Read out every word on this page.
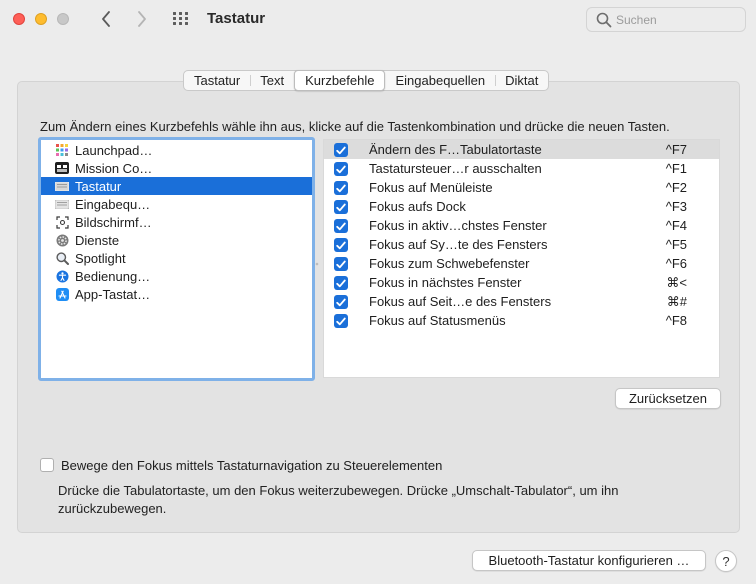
Tastatur
Suchen
Tastatur	Text	Kurzbefehle	Eingabequellen	Diktat
Zum Ändern eines Kurzbefehls wähle ihn aus, klicke auf die Tastenkombination und drücke die neuen Tasten.
Launchpad…
Mission Co…
Tastatur
Eingabequ…
Bildschirmf…
Dienste
Spotlight
Bedienung…
App-Tastat…
Ändern des F…Tabulatortaste	^F7
Tastatursteuer…r ausschalten	^F1
Fokus auf Menüleiste	^F2
Fokus aufs Dock	^F3
Fokus in aktiv…chstes Fenster	^F4
Fokus auf Sy…te des Fensters	^F5
Fokus zum Schwebefenster	^F6
Fokus in nächstes Fenster	⌘<
Fokus auf Seit…e des Fensters	⌘#
Fokus auf Statusmenüs	^F8
Zurücksetzen
Bewege den Fokus mittels Tastaturnavigation zu Steuerelementen
Drücke die Tabulatortaste, um den Fokus weiterzubewegen. Drücke „Umschalt-Tabulator“, um ihn zurückzubewegen.
Bluetooth-Tastatur konfigurieren …	?
